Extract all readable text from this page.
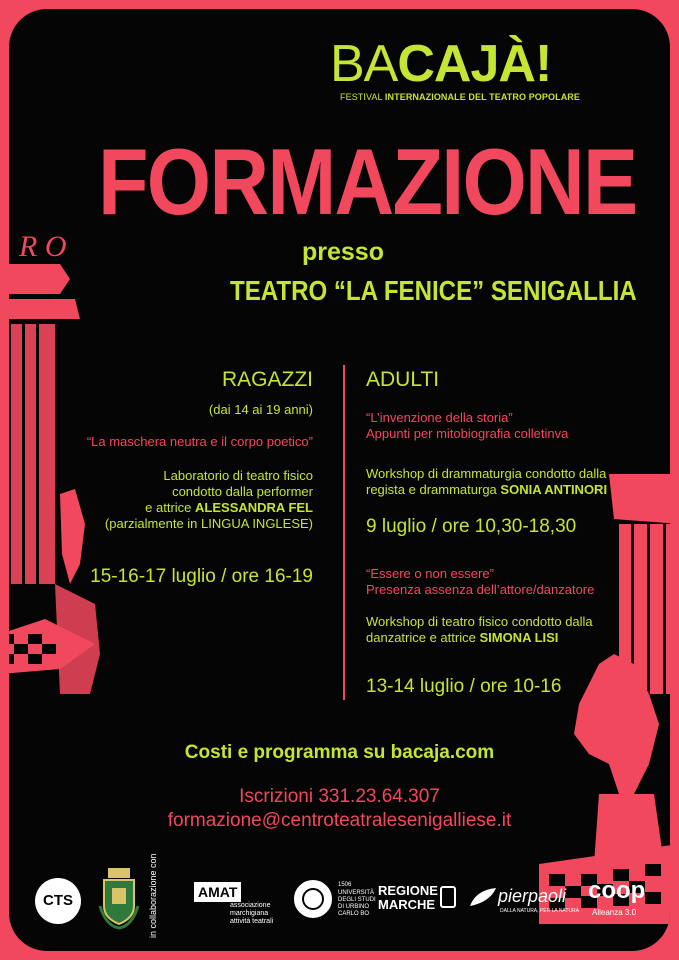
R O
BACAJÀ!
FESTIVAL INTERNAZIONALE DEL TEATRO POPOLARE
FORMAZIONE
presso
TEATRO “LA FENICE” SENIGALLIA
RAGAZZI
(dai 14 ai 19 anni)
“La maschera neutra e il corpo poetico”
Laboratorio di teatro fisico
condotto dalla performer
e attrice ALESSANDRA FEL
(parzialmente in LINGUA INGLESE)
15-16-17 luglio / ore 16-19
ADULTI
“L’invenzione della storia”
Appunti per mitobiografia colletinva
Workshop di drammaturgia condotto dalla
regista e drammaturga SONIA ANTINORI
9 luglio / ore 10,30-18,30
“Essere o non essere”
Presenza assenza dell’attore/danzatore
Workshop di teatro fisico condotto dalla
danzatrice e attrice SIMONA LISI
13-14 luglio / ore 10-16
Costi e programma su bacaja.com
Iscrizioni 331.23.64.307
formazione@centroteatralesenigalliese.it
CTS	in collaborazione con	AMAT
associazione
marchigiana
attività teatrali
1506
UNIVERSITÀ
DEGLI STUDI
DI URBINO
CARLO BO
REGIONE
MARCHE	pierpaoli
DALLA NATURA, PER LA NATURA
coop
Alleanza 3.0
